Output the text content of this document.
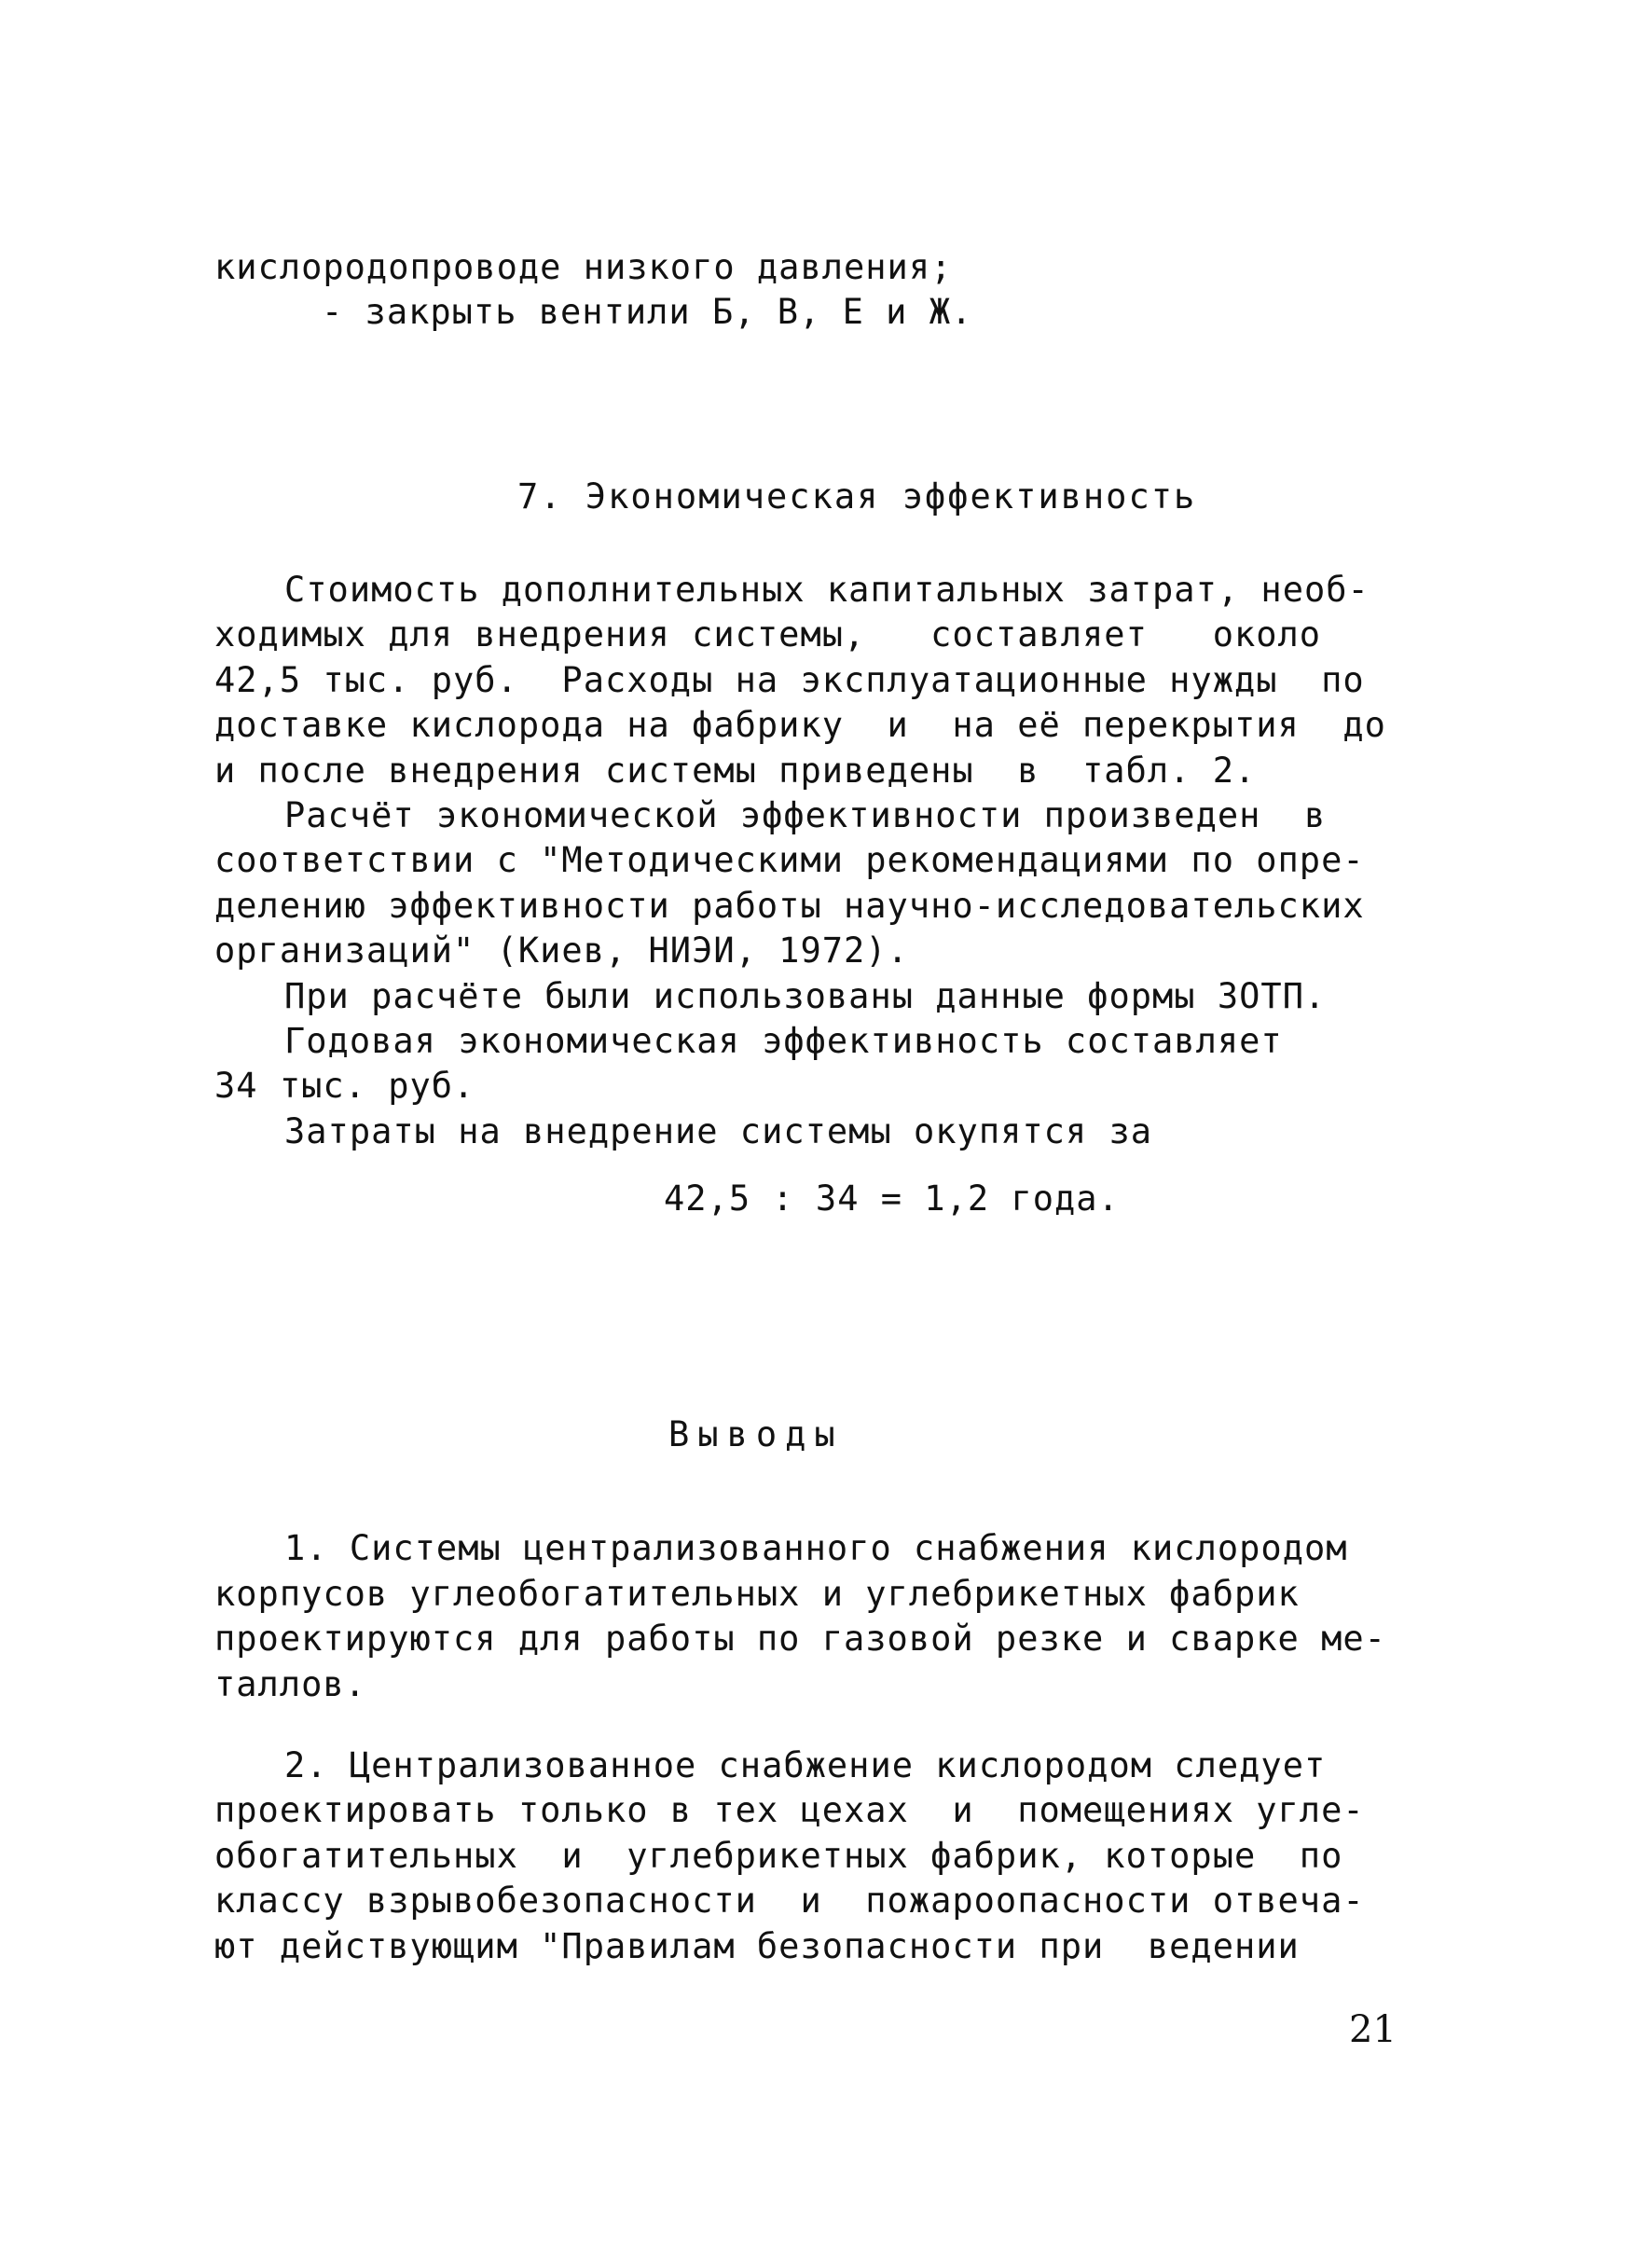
кислородопроводе низкого давления;
- закрыть вентили Б, В, Е и Ж.
7. Экономическая эффективность
Стоимость дополнительных капитальных затрат, необ-
ходимых для внедрения системы,   составляет   около
42,5 тыс. руб.  Расходы на эксплуатационные нужды  по
доставке кислорода на фабрику  и  на её перекрытия  до
и после внедрения системы приведены  в  табл. 2.
Расчёт экономической эффективности произведен  в
соответствии с "Методическими рекомендациями по опре-
делению эффективности работы научно-исследовательских
организаций" (Киев, НИЭИ, 1972).
При расчёте были использованы данные формы 3ОТП.
Годовая экономическая эффективность составляет
34 тыс. руб.
Затраты на внедрение системы окупятся за
42,5 : 34 = 1,2 года.
Выводы
1. Системы централизованного снабжения кислородом
корпусов углеобогатительных и углебрикетных фабрик
проектируются для работы по газовой резке и сварке ме-
таллов.
2. Централизованное снабжение кислородом следует
проектировать только в тех цехах  и  помещениях угле-
обогатительных  и  углебрикетных фабрик, которые  по
классу взрывобезопасности  и  пожароопасности отвеча-
ют действующим "Правилам безопасности при  ведении
21
